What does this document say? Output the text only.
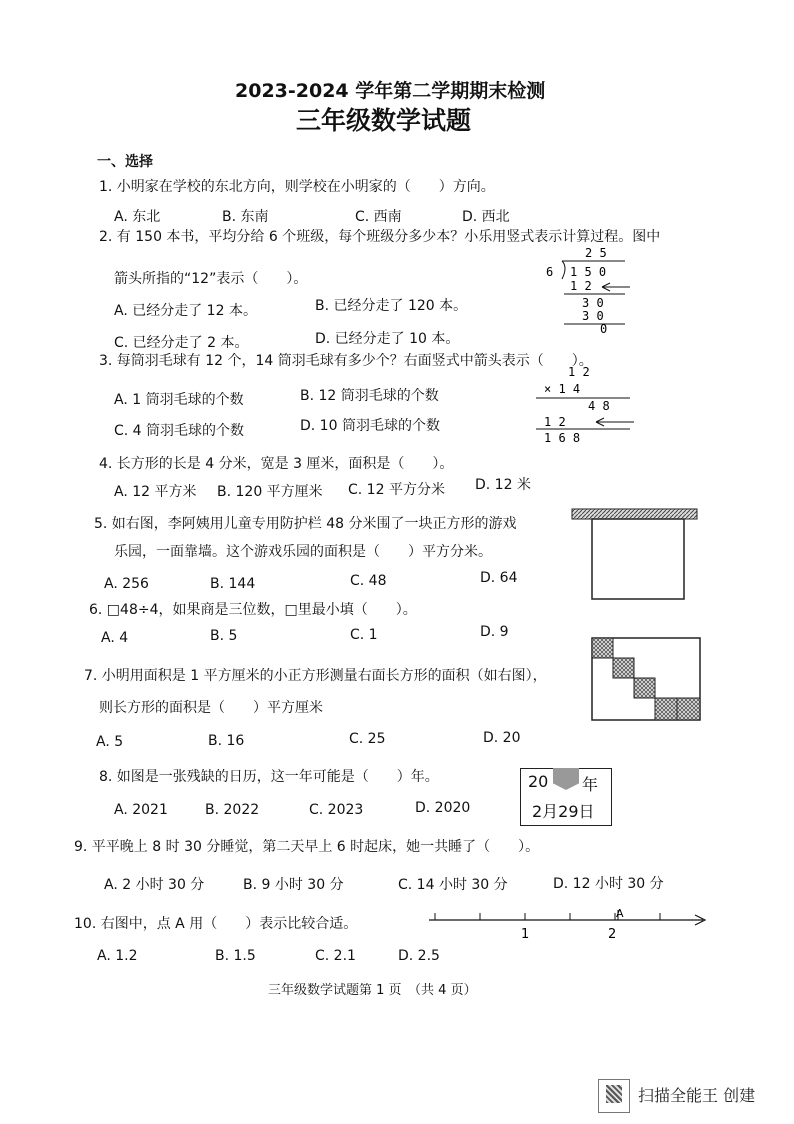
2023-2024 学年第二学期期末检测
三年级数学试题
一、选择
1. 小明家在学校的东北方向，则学校在小明家的（　　）方向。
A. 东北	B. 东南	C. 西南	D. 西北
2. 有 150 本书，平均分给 6 个班级，每个班级分多少本？小乐用竖式表示计算过程。图中
箭头所指的“12”表示（　　）。
A. 已经分走了 12 本。	B. 已经分走了 120 本。
C. 已经分走了 2 本。	D. 已经分走了 10 本。
2 5
6 1 5 0
1 2
3 0
3 0
0
3. 每筒羽毛球有 12 个，14 筒羽毛球有多少个？右面竖式中箭头表示（　　）。
A. 1 筒羽毛球的个数	B. 12 筒羽毛球的个数
C. 4 筒羽毛球的个数	D. 10 筒羽毛球的个数
1 2
× 1 4
4 8
1 2
1 6 8
4. 长方形的长是 4 分米，宽是 3 厘米，面积是（　　）。
A. 12 平方米 B. 120 平方厘米 C. 12 平方分米 D. 12 米
5. 如右图，李阿姨用儿童专用防护栏 48 分米围了一块正方形的游戏
乐园，一面靠墙。这个游戏乐园的面积是（　　）平方分米。
A. 256	B. 144	C. 48	D. 64
6. □48÷4，如果商是三位数，□里最小填（　　）。
A. 4	B. 5	C. 1	D. 9
7. 小明用面积是 1 平方厘米的小正方形测量右面长方形的面积（如右图），
则长方形的面积是（　　）平方厘米
A. 5	B. 16	C. 25	D. 20
8. 如图是一张残缺的日历，这一年可能是（　　）年。
A. 2021	B. 2022	C. 2023	D. 2020
20 年
2月29日
9. 平平晚上 8 时 30 分睡觉，第二天早上 6 时起床，她一共睡了（　　）。
A. 2 小时 30 分	B. 9 小时 30 分	C. 14 小时 30 分	D. 12 小时 30 分
10. 右图中，点 A 用（　　）表示比较合适。
A. 1.2	B. 1.5	C. 2.1	D. 2.5
1	2
A
三年级数学试题第 1 页　（共 4 页）
扫描全能王 创建
